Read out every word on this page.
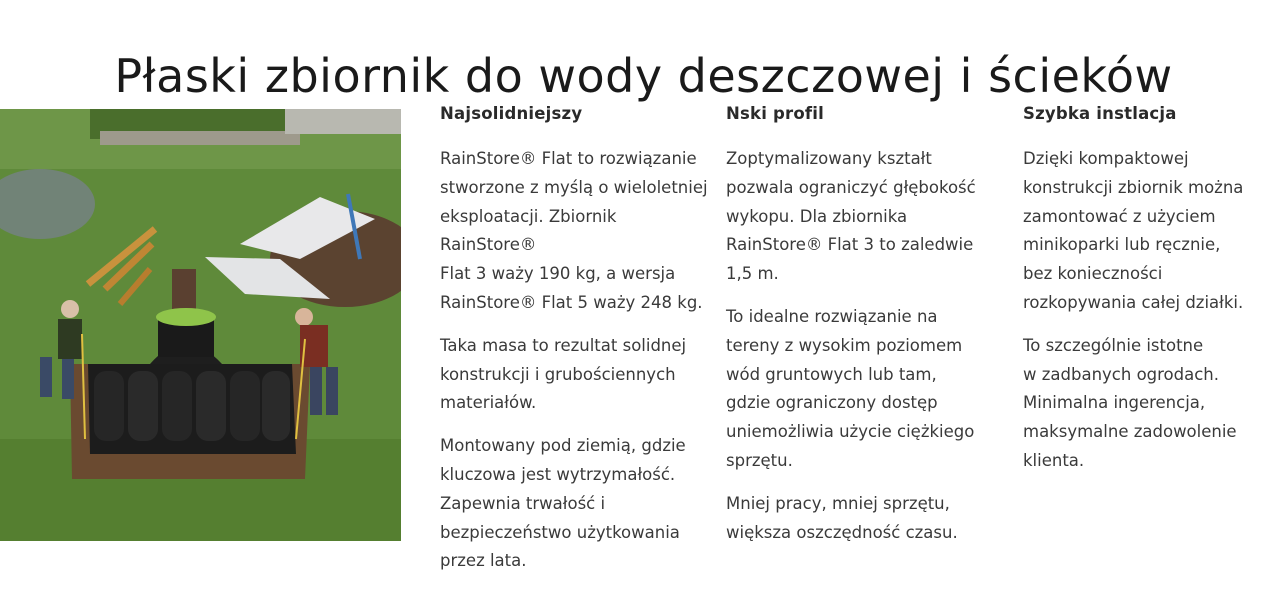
Płaski zbiornik do wody deszczowej i ścieków
Najsolidniejszy

RainStore® Flat to rozwiązanie
stworzone z myślą o wieloletniej
eksploatacji. Zbiornik RainStore®
Flat 3 waży 190 kg, a wersja
RainStore® Flat 5 waży 248 kg.

Taka masa to rezultat solidnej
konstrukcji i grubościennych
materiałów.

Montowany pod ziemią, gdzie
kluczowa jest wytrzymałość.
Zapewnia trwałość i
bezpieczeństwo użytkowania
przez lata.

Nski profil

Zoptymalizowany kształt
pozwala ograniczyć głębokość
wykopu. Dla zbiornika
RainStore® Flat 3 to zaledwie
1,5 m.

To idealne rozwiązanie na
tereny z wysokim poziomem
wód gruntowych lub tam,
gdzie ograniczony dostęp
uniemożliwia użycie ciężkiego
sprzętu.

Mniej pracy, mniej sprzętu,
większa oszczędność czasu.

Szybka instlacja

Dzięki kompaktowej
konstrukcji zbiornik można
zamontować z użyciem
minikoparki lub ręcznie,
bez konieczności
rozkopywania całej działki.

To szczególnie istotne
w zadbanych ogrodach.
Minimalna ingerencja,
maksymalne zadowolenie
klienta.
